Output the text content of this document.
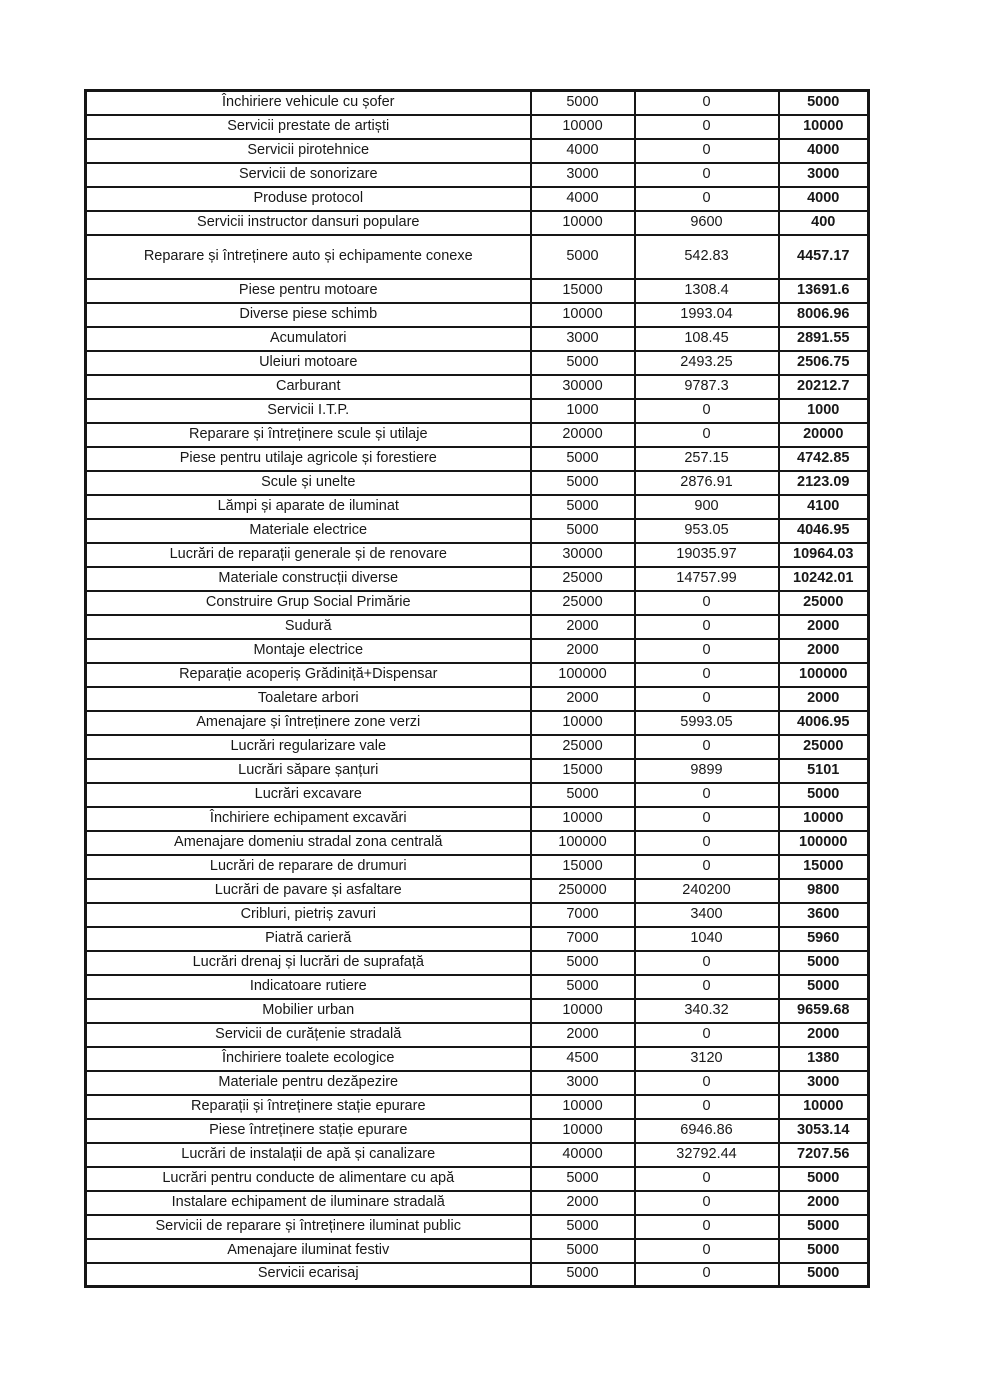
Închiriere vehicule cu șofer	5000	0	5000
Servicii prestate de artiști	10000	0	10000
Servicii pirotehnice	4000	0	4000
Servicii de sonorizare	3000	0	3000
Produse protocol	4000	0	4000
Servicii instructor dansuri populare	10000	9600	400
Reparare și întreținere auto și echipamente conexe	5000	542.83	4457.17
Piese pentru motoare	15000	1308.4	13691.6
Diverse piese schimb	10000	1993.04	8006.96
Acumulatori	3000	108.45	2891.55
Uleiuri motoare	5000	2493.25	2506.75
Carburant	30000	9787.3	20212.7
Servicii I.T.P.	1000	0	1000
Reparare și întreținere scule și utilaje	20000	0	20000
Piese pentru utilaje agricole și forestiere	5000	257.15	4742.85
Scule și unelte	5000	2876.91	2123.09
Lămpi și aparate de iluminat	5000	900	4100
Materiale electrice	5000	953.05	4046.95
Lucrări de reparații generale și de renovare	30000	19035.97	10964.03
Materiale construcții diverse	25000	14757.99	10242.01
Construire Grup Social Primărie	25000	0	25000
Sudură	2000	0	2000
Montaje electrice	2000	0	2000
Reparație acoperiș Grădiniță+Dispensar	100000	0	100000
Toaletare arbori	2000	0	2000
Amenajare și întreținere zone verzi	10000	5993.05	4006.95
Lucrări regularizare vale	25000	0	25000
Lucrări săpare șanțuri	15000	9899	5101
Lucrări excavare	5000	0	5000
Închiriere echipament excavări	10000	0	10000
Amenajare domeniu stradal zona centrală	100000	0	100000
Lucrări de reparare de drumuri	15000	0	15000
Lucrări de pavare și asfaltare	250000	240200	9800
Cribluri, pietriș zavuri	7000	3400	3600
Piatră carieră	7000	1040	5960
Lucrări drenaj și lucrări de suprafață	5000	0	5000
Indicatoare rutiere	5000	0	5000
Mobilier urban	10000	340.32	9659.68
Servicii de curățenie stradală	2000	0	2000
Închiriere toalete ecologice	4500	3120	1380
Materiale pentru dezăpezire	3000	0	3000
Reparații și întreținere stație epurare	10000	0	10000
Piese întreținere stație epurare	10000	6946.86	3053.14
Lucrări de instalații de apă și canalizare	40000	32792.44	7207.56
Lucrări pentru conducte de alimentare cu apă	5000	0	5000
Instalare echipament de iluminare stradală	2000	0	2000
Servicii de reparare și întreținere iluminat public	5000	0	5000
Amenajare iluminat festiv	5000	0	5000
Servicii ecarisaj	5000	0	5000
